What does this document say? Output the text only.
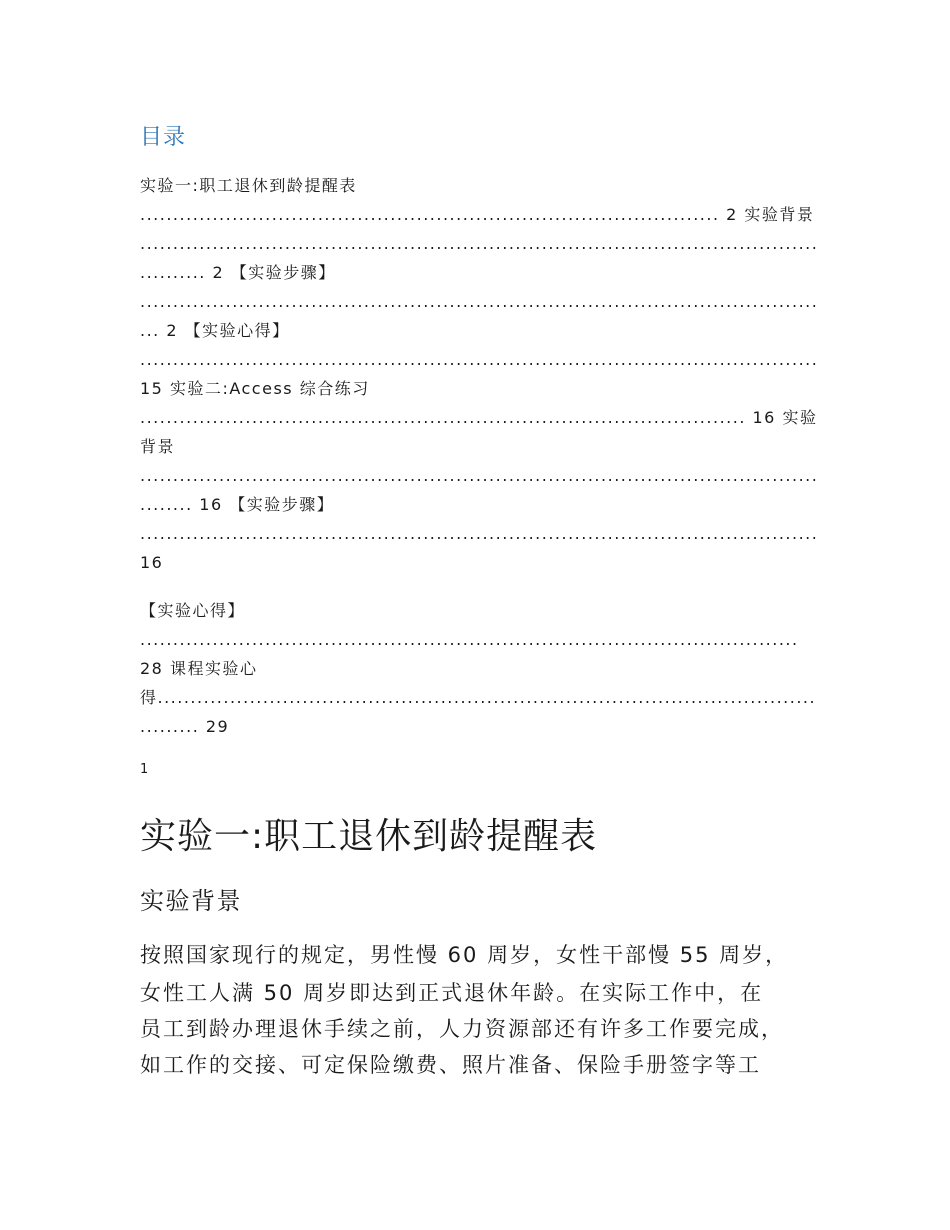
目录
实验一:职工退休到龄提醒表
........................................................................................ 2 实验背景
.......................................................................................................
.......... 2 【实验步骤】
.......................................................................................................
... 2 【实验心得】
.......................................................................................................
15 实验二:Access 综合练习
............................................................................................ 16 实验
背景
.......................................................................................................
........ 16 【实验步骤】
.......................................................................................................
16
【实验心得】
....................................................................................................
28 课程实验心
得....................................................................................................
......... 29
1
实验一:职工退休到龄提醒表
实验背景
按照国家现行的规定，男性慢 60 周岁，女性干部慢 55 周岁，
女性工人满 50 周岁即达到正式退休年龄。在实际工作中，在
员工到龄办理退休手续之前，人力资源部还有许多工作要完成，
如工作的交接、可定保险缴费、照片准备、保险手册签字等工
